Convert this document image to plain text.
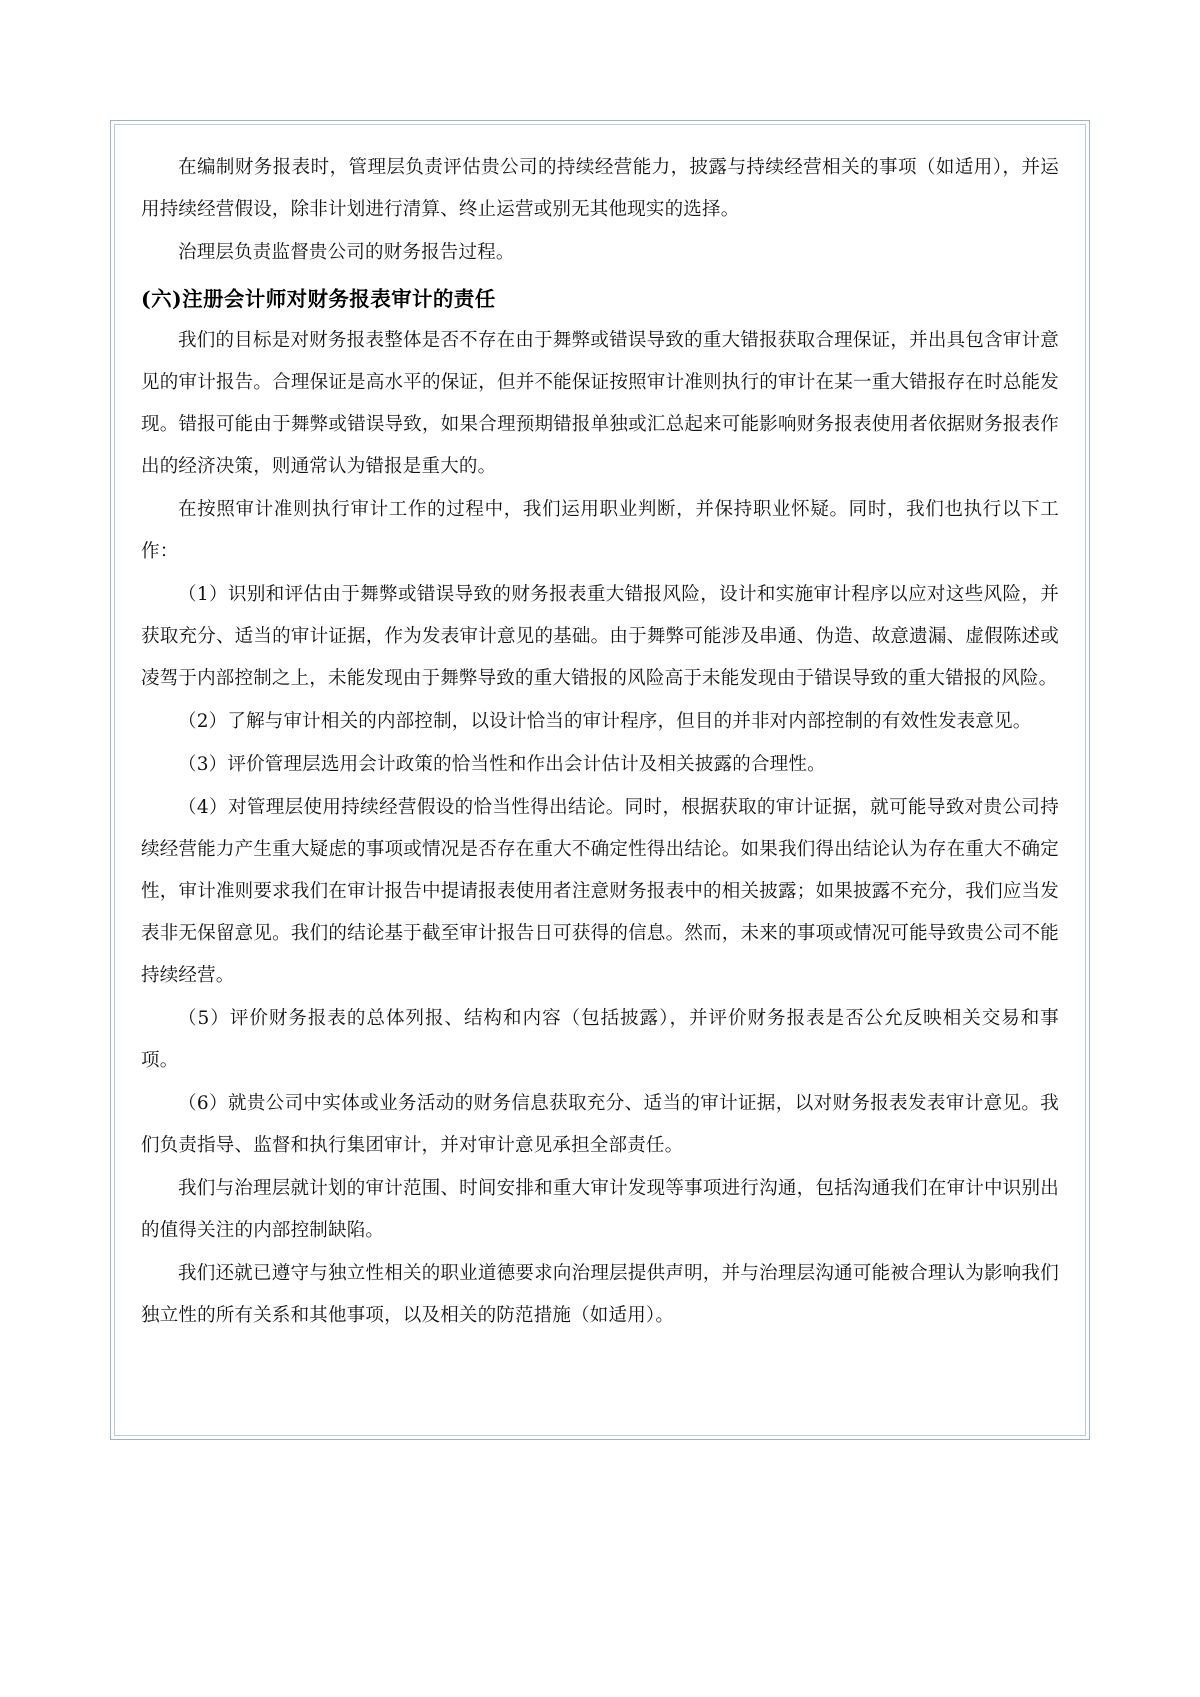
在编制财务报表时，管理层负责评估贵公司的持续经营能力，披露与持续经营相关的事项（如适用），并运用持续经营假设，除非计划进行清算、终止运营或别无其他现实的选择。

治理层负责监督贵公司的财务报告过程。

(六)注册会计师对财务报表审计的责任

我们的目标是对财务报表整体是否不存在由于舞弊或错误导致的重大错报获取合理保证，并出具包含审计意见的审计报告。合理保证是高水平的保证，但并不能保证按照审计准则执行的审计在某一重大错报存在时总能发现。错报可能由于舞弊或错误导致，如果合理预期错报单独或汇总起来可能影响财务报表使用者依据财务报表作出的经济决策，则通常认为错报是重大的。

在按照审计准则执行审计工作的过程中，我们运用职业判断，并保持职业怀疑。同时，我们也执行以下工作：

（1）识别和评估由于舞弊或错误导致的财务报表重大错报风险，设计和实施审计程序以应对这些风险，并获取充分、适当的审计证据，作为发表审计意见的基础。由于舞弊可能涉及串通、伪造、故意遗漏、虚假陈述或凌驾于内部控制之上，未能发现由于舞弊导致的重大错报的风险高于未能发现由于错误导致的重大错报的风险。

（2）了解与审计相关的内部控制，以设计恰当的审计程序，但目的并非对内部控制的有效性发表意见。

（3）评价管理层选用会计政策的恰当性和作出会计估计及相关披露的合理性。

（4）对管理层使用持续经营假设的恰当性得出结论。同时，根据获取的审计证据，就可能导致对贵公司持续经营能力产生重大疑虑的事项或情况是否存在重大不确定性得出结论。如果我们得出结论认为存在重大不确定性，审计准则要求我们在审计报告中提请报表使用者注意财务报表中的相关披露；如果披露不充分，我们应当发表非无保留意见。我们的结论基于截至审计报告日可获得的信息。然而，未来的事项或情况可能导致贵公司不能持续经营。

（5）评价财务报表的总体列报、结构和内容（包括披露），并评价财务报表是否公允反映相关交易和事项。

（6）就贵公司中实体或业务活动的财务信息获取充分、适当的审计证据，以对财务报表发表审计意见。我们负责指导、监督和执行集团审计，并对审计意见承担全部责任。

我们与治理层就计划的审计范围、时间安排和重大审计发现等事项进行沟通，包括沟通我们在审计中识别出的值得关注的内部控制缺陷。

我们还就已遵守与独立性相关的职业道德要求向治理层提供声明，并与治理层沟通可能被合理认为影响我们独立性的所有关系和其他事项，以及相关的防范措施（如适用）。
